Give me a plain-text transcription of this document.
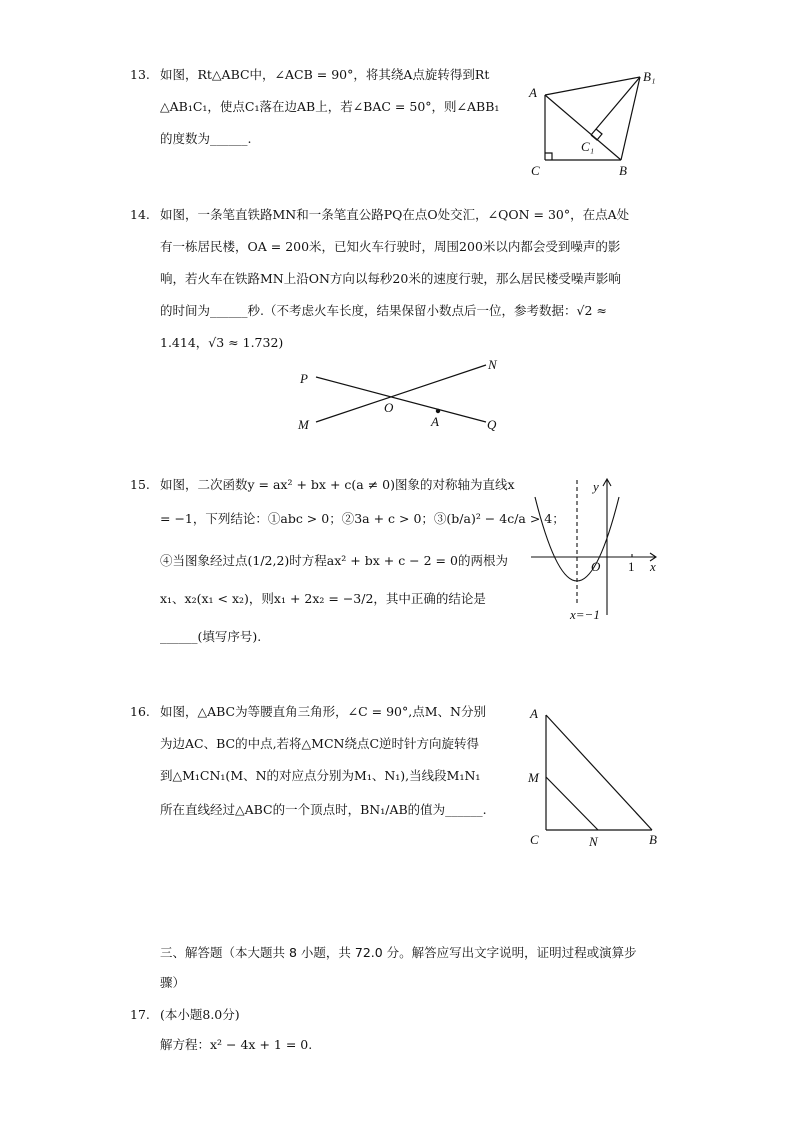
13. 如图，Rt△ABC中，∠ACB = 90°，将其绕A点旋转得到Rt
△AB₁C₁，使点C₁落在边AB上，若∠BAC = 50°，则∠ABB₁
的度数为______.
A
B₁
C₁
C	B
14. 如图，一条笔直铁路MN和一条笔直公路PQ在点O处交汇，∠QON = 30°，在点A处
有一栋居民楼，OA = 200米，已知火车行驶时，周围200米以内都会受到噪声的影
响，若火车在铁路MN上沿ON方向以每秒20米的速度行驶，那么居民楼受噪声影响
的时间为______秒.（不考虑火车长度，结果保留小数点后一位，参考数据：√2 ≈
1.414，√3 ≈ 1.732)
P
N
O
M	A	Q
15. 如图，二次函数y = ax² + bx + c(a ≠ 0)图象的对称轴为直线x
= −1，下列结论：①abc > 0；②3a + c > 0；③(b/a)² − 4c/a > 4；
④当图象经过点(1/2,2)时方程ax² + bx + c − 2 = 0的两根为
x₁、x₂(x₁ < x₂)，则x₁ + 2x₂ = −3/2，其中正确的结论是
______(填写序号).
y
O 1 x
x=−1
16. 如图，△ABC为等腰直角三角形，∠C = 90°,点M、N分别
为边AC、BC的中点,若将△MCN绕点C逆时针方向旋转得
到△M₁CN₁(M、N的对应点分别为M₁、N₁),当线段M₁N₁
所在直线经过△ABC的一个顶点时，BN₁/AB的值为______.
A
M
C	N	B
三、解答题（本大题共 8 小题，共 72.0 分。解答应写出文字说明，证明过程或演算步
骤）
17. (本小题8.0分)
解方程：x² − 4x + 1 = 0.
